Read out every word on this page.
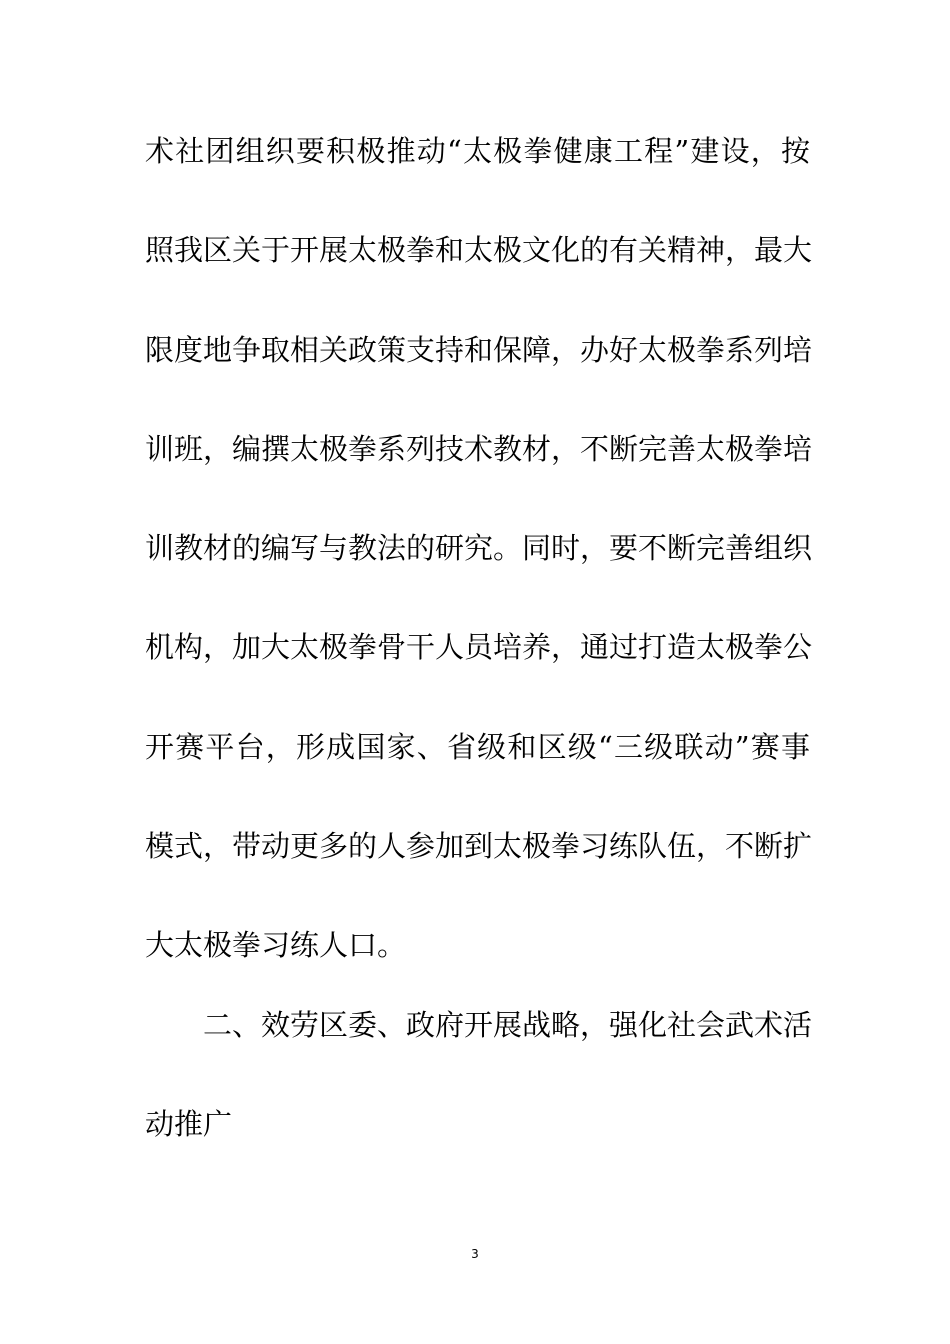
术社团组织要积极推动“太极拳健康工程”建设，按
照我区关于开展太极拳和太极文化的有关精神，最大
限度地争取相关政策支持和保障，办好太极拳系列培
训班，编撰太极拳系列技术教材，不断完善太极拳培
训教材的编写与教法的研究。同时，要不断完善组织
机构，加大太极拳骨干人员培养，通过打造太极拳公
开赛平台，形成国家、省级和区级“三级联动”赛事
模式，带动更多的人参加到太极拳习练队伍，不断扩
大太极拳习练人口。
二、效劳区委、政府开展战略，强化社会武术活
动推广
3
